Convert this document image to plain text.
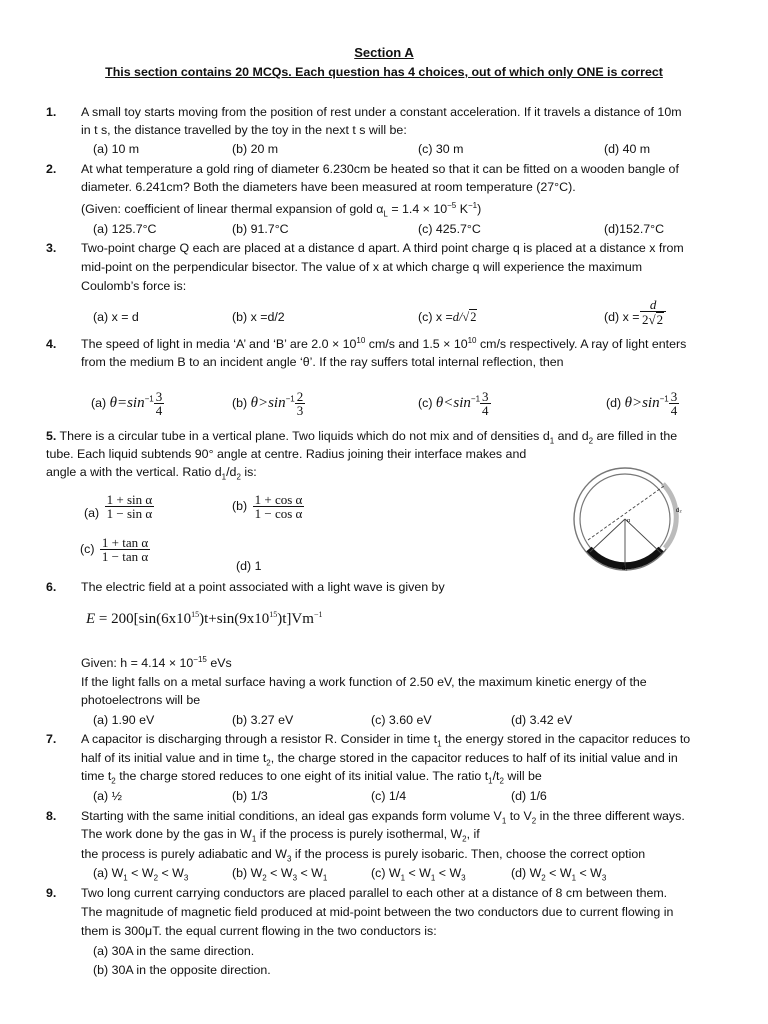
Section A
This section contains 20 MCQs. Each question has 4 choices, out of which only ONE is correct
1. A small toy starts moving from the position of rest under a constant acceleration. If it travels a distance of 10m
in t s, the distance travelled by the toy in the next t s will be:
(a) 10 m	(b) 20 m	(c) 30 m	(d) 40 m
2. At what temperature a gold ring of diameter 6.230cm be heated so that it can be fitted on a wooden bangle of
diameter. 6.241cm? Both the diameters have been measured at room temperature (27°C).
(Given: coefficient of linear thermal expansion of gold $\alpha_L = 1.4 \times 10^{-5}$ $K^{-1}$)
(a) 125.7°C	(b) 91.7°C	(c) 425.7°C	(d)152.7°C
3. Two-point charge Q each are placed at a distance d apart. A third point charge q is placed at a distance x from
mid-point on the perpendicular bisector. The value of x at which charge q will experience the maximum
Coulomb’s force is:
(a) x = d	(b) x =d/2	(c) x =d/√2	(d) $x = \frac{d}{2√2}$
4. The speed of light in media ‘A’ and ‘B’ are $2.0 \times 10^{10}$ cm/s and $1.5 \times 10^{10}$ cm/s respectively. A ray of light enters
from the medium B to an incident angle ‘θ’. If the ray suffers total internal reflection, then
(a) $\theta=\sin^{-1} \frac{3}{4}$	(b) $\theta>\sin^{-1} \frac{2}{3}$	(c) $\theta<\sin^{-1} \frac{3}{4}$	(d) $\theta>\sin^{-1} \frac{3}{4}$
5. There is a circular tube in a vertical plane. Two liquids which do not mix and of densities $d_1$ and $d_2$ are filled in the
tube. Each liquid subtends 90° angle at centre. Radius joining their interface makes and
angle a with the vertical. Ratio $d_1/d_2$ is:
$(a) \frac{\text{1 + sin α}}{\text{1 − sin α}}$	$(b) \frac{\text{1 + cos α}}{\text{1 − cos α}}$
$(c) \frac{\text{1 + tan α}}{\text{1 − tan α}}$
(d) 1
α
d₂
d₁
6. The electric field at a point associated with a light wave is given by
$E = 200[\sin(6x10^{15})t+\sin(9x10^{15})t]Vm^{-1}$
Given: $h = 4.14 \times 10^{-15}$ eVs
If the light falls on a metal surface having a work function of 2.50 eV, the maximum kinetic energy of the
photoelectrons will be
(a) 1.90 eV	(b) 3.27 eV	(c) 3.60 eV	(d) 3.42 eV
7. A capacitor is discharging through a resistor R. Consider in time $t_1$ the energy stored in the capacitor reduces to
half of its initial value and in time $t_2$, the charge stored in the capacitor reduces to half of its initial value and in
time $t_2$ the charge stored reduces to one eight of its initial value. The ratio $t_1/t_2$ will be
(a) ½	(b) 1/3	(c) 1/4	(d) 1/6
8. Starting with the same initial conditions, an ideal gas expands form volume $V_1$ to $V_2$ in the three different ways.
The work done by the gas in $W_1$ if the process is purely isothermal, $W_2$, if
the process is purely adiabatic and $W_3$ if the process is purely isobaric. Then, choose the correct option
(a) $W_1 < W_2 < W_3$	(b) $W_2 < W_3 < W_1$	(c) $W_1 < W_1 < W_3$	(d) $W_2 < W_1 < W_3$
9. Two long current carrying conductors are placed parallel to each other at a distance of 8 cm between them.
The magnitude of magnetic field produced at mid-point between the two conductors due to current flowing in
them is 300μT. the equal current flowing in the two conductors is:
(a) 30A in the same direction.
(b) 30A in the opposite direction.
